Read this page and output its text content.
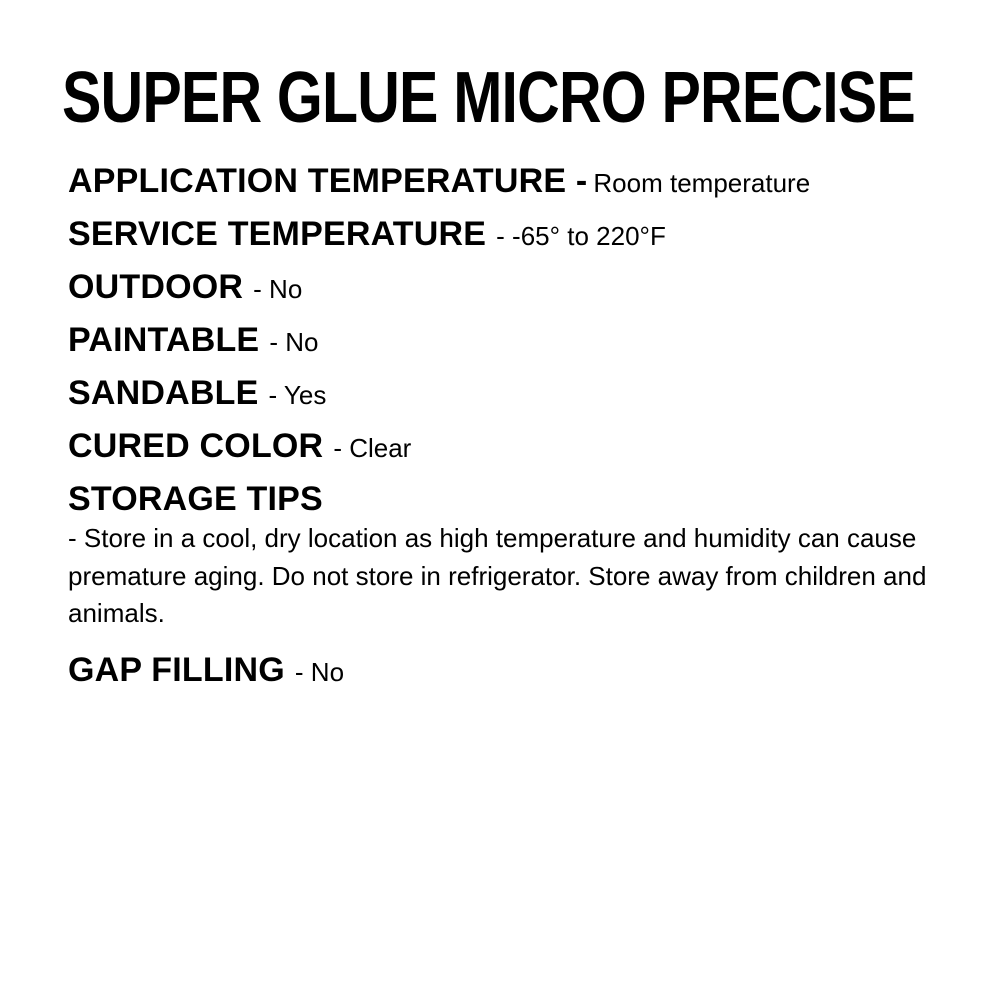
SUPER GLUE MICRO PRECISE
APPLICATION TEMPERATURE - Room temperature
SERVICE TEMPERATURE - -65° to 220°F
OUTDOOR - No
PAINTABLE - No
SANDABLE - Yes
CURED COLOR - Clear
STORAGE TIPS
- Store in a cool, dry location as high temperature and humidity can cause premature aging. Do not store in refrigerator. Store away from children and animals.
GAP FILLING - No
